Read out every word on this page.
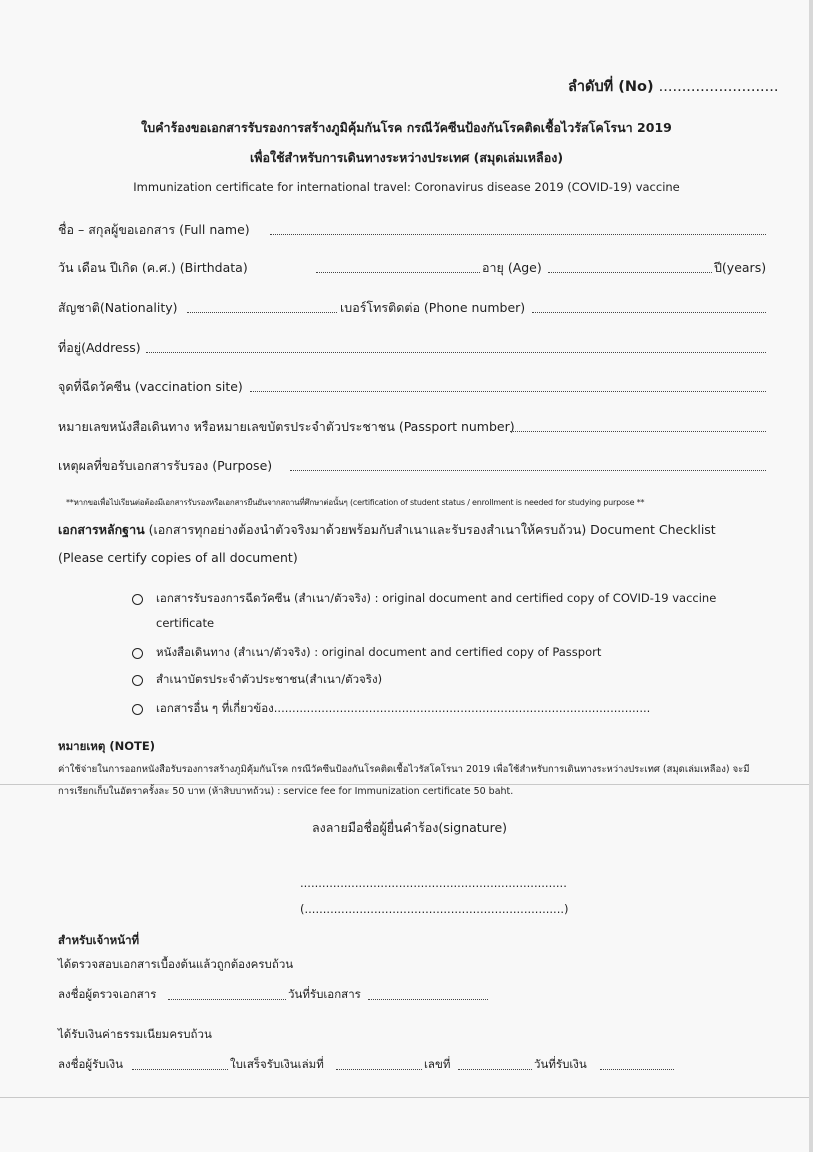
ลำดับที่ (No) ..........................
ใบคำร้องขอเอกสารรับรองการสร้างภูมิคุ้มกันโรค กรณีวัคซีนป้องกันโรคติดเชื้อไวรัสโคโรนา 2019
เพื่อใช้สำหรับการเดินทางระหว่างประเทศ (สมุดเล่มเหลือง)
Immunization certificate for international travel: Coronavirus disease 2019 (COVID-19) vaccine
ชื่อ – สกุลผู้ขอเอกสาร (Full name)
วัน เดือน ปีเกิด (ค.ศ.) (Birthdata)	อายุ (Age)	ปี(years)
สัญชาติ(Nationality)	เบอร์โทรติดต่อ (Phone number)
ที่อยู่(Address)
จุดที่ฉีดวัคซีน (vaccination site)
หมายเลขหนังสือเดินทาง หรือหมายเลขบัตรประจำตัวประชาชน (Passport number)
เหตุผลที่ขอรับเอกสารรับรอง (Purpose)
**หากขอเพื่อไปเรียนต่อต้องมีเอกสารรับรองหรือเอกสารยืนยันจากสถานที่ศึกษาต่อนั้นๆ (certification of student status / enrollment is needed for studying purpose **
เอกสารหลักฐาน (เอกสารทุกอย่างต้องนำตัวจริงมาด้วยพร้อมกับสำเนาและรับรองสำเนาให้ครบถ้วน) Document Checklist
(Please certify copies of all document)
เอกสารรับรองการฉีดวัคซีน (สำเนา/ตัวจริง) : original document and certified copy of COVID-19 vaccine
certificate
หนังสือเดินทาง (สำเนา/ตัวจริง) : original document and certified copy of Passport
สำเนาบัตรประจำตัวประชาชน(สำเนา/ตัวจริง)
เอกสารอื่น ๆ ที่เกี่ยวข้อง.......................................................................................................
หมายเหตุ (NOTE)
ค่าใช้จ่ายในการออกหนังสือรับรองการสร้างภูมิคุ้มกันโรค กรณีวัคซีนป้องกันโรคติดเชื้อไวรัสโคโรนา 2019 เพื่อใช้สำหรับการเดินทางระหว่างประเทศ (สมุดเล่มเหลือง) จะมี
การเรียกเก็บในอัตราครั้งละ 50 บาท (ห้าสิบบาทถ้วน) : service fee for Immunization certificate 50 baht.
ลงลายมือชื่อผู้ยื่นคำร้อง(signature)
.........................................................................
(.......................................................................)
สำหรับเจ้าหน้าที่
ได้ตรวจสอบเอกสารเบื้องต้นแล้วถูกต้องครบถ้วน
ลงชื่อผู้ตรวจเอกสาร	วันที่รับเอกสาร
ได้รับเงินค่าธรรมเนียมครบถ้วน
ลงชื่อผู้รับเงิน	ใบเสร็จรับเงินเล่มที่	เลขที่	วันที่รับเงิน
